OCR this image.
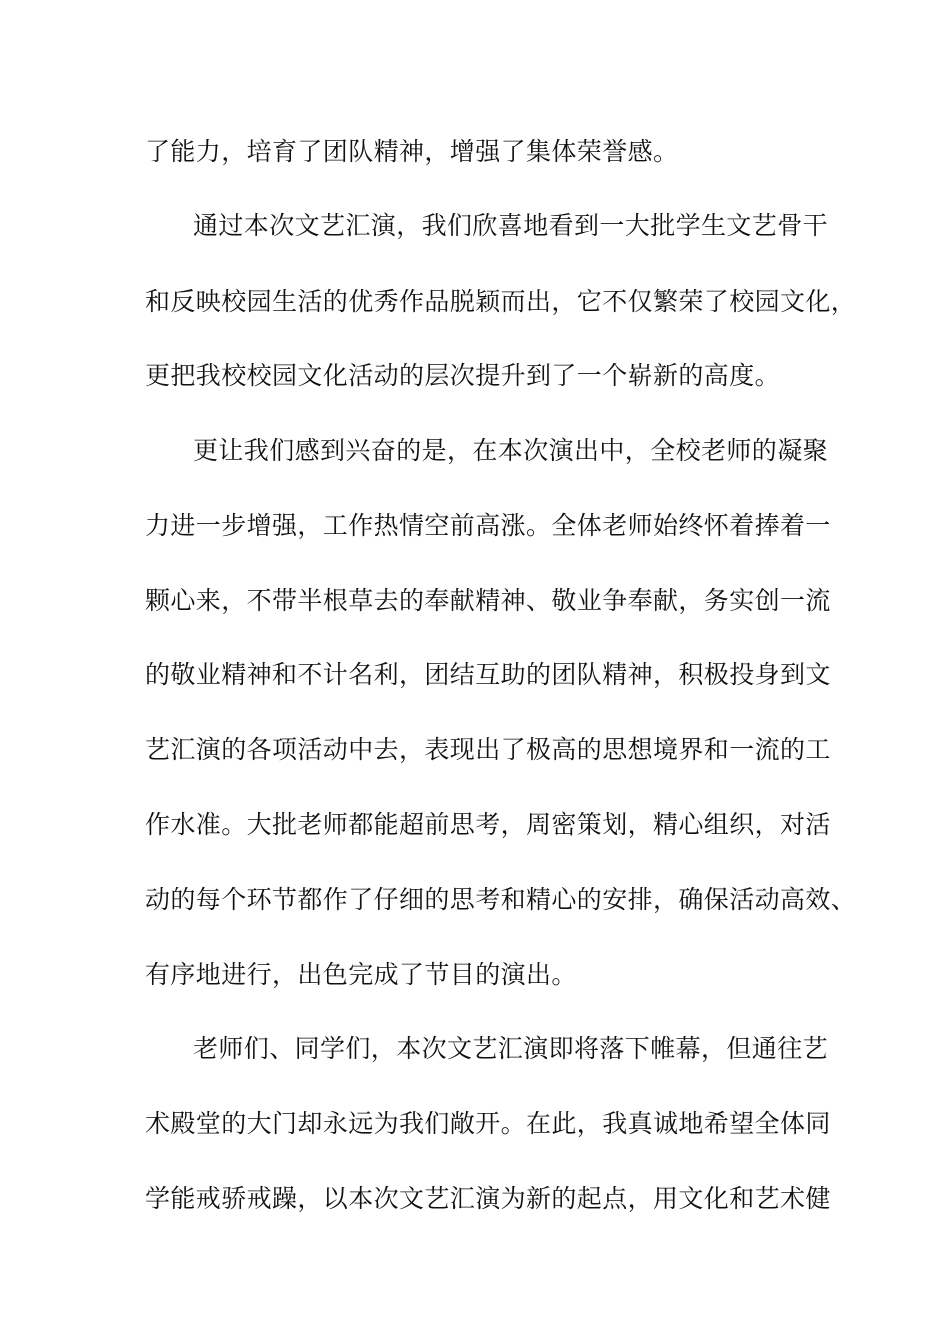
了能力，培育了团队精神，增强了集体荣誉感。
通过本次文艺汇演，我们欣喜地看到一大批学生文艺骨干
和反映校园生活的优秀作品脱颖而出，它不仅繁荣了校园文化，
更把我校校园文化活动的层次提升到了一个崭新的高度。
更让我们感到兴奋的是，在本次演出中，全校老师的凝聚
力进一步增强，工作热情空前高涨。全体老师始终怀着捧着一
颗心来，不带半根草去的奉献精神、敬业争奉献，务实创一流
的敬业精神和不计名利，团结互助的团队精神，积极投身到文
艺汇演的各项活动中去，表现出了极高的思想境界和一流的工
作水准。大批老师都能超前思考，周密策划，精心组织，对活
动的每个环节都作了仔细的思考和精心的安排，确保活动高效、
有序地进行，出色完成了节目的演出。
老师们、同学们，本次文艺汇演即将落下帷幕，但通往艺
术殿堂的大门却永远为我们敞开。在此，我真诚地希望全体同
学能戒骄戒躁，以本次文艺汇演为新的起点，用文化和艺术健
